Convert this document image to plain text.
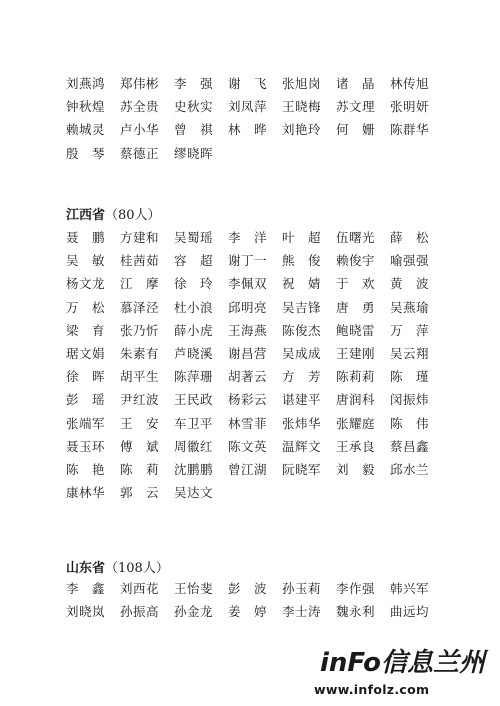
刘燕鸿	郑伟彬	李　强	谢　飞	张旭岗	诸　晶	林传旭
钟秋煌	苏全贵	史秋实	刘凤萍	王晓梅	苏文理	张明妍
赖城灵	卢小华	曾　祺	林　晔	刘艳玲	何　姗	陈群华
殷　琴	蔡德正	缪晓晖
江西省（80人）
聂　鹏	方建和	吴蜀瑶	李　洋	叶　超	伍曙光	薛　松
吴　敏	桂茜茹	容　超	谢丁一	熊　俊	赖俊宇	喻强强
杨文龙	江　摩	徐　玲	李佩双	祝　婧	于　欢	黄　波
万　松	慕泽泾	杜小浪	邱明亮	吴吉锋	唐　勇	吴燕瑜
梁　育	张乃忻	薛小虎	王海燕	陈俊杰	鲍晓雷	万　萍
琚文娟	朱素有	芦晓溪	谢昌营	吴成成	王建刚	吴云翔
徐　晖	胡平生	陈萍珊	胡著云	方　芳	陈莉莉	陈　瑾
彭　瑶	尹红波	王民政	杨彩云	谌建平	唐润科	闵振炜
张端军	王　安	车卫平	林雪菲	张炜华	张耀庭	陈　伟
聂玉环	傅　斌	周徽红	陈文英	温辉文	王承良	蔡昌鑫
陈　艳	陈　莉	沈鹏鹏	曾江湖	阮晓军	刘　毅	邱水兰
康林华	郭　云	吴达文
山东省（108人）
李　鑫	刘西花	王怡斐	彭　波	孙玉莉	李作强	韩兴军
刘晓岚	孙振高	孙金龙	姜　婷	李士涛	魏永利	曲远均
inFo信息兰州
www.infolz.com
